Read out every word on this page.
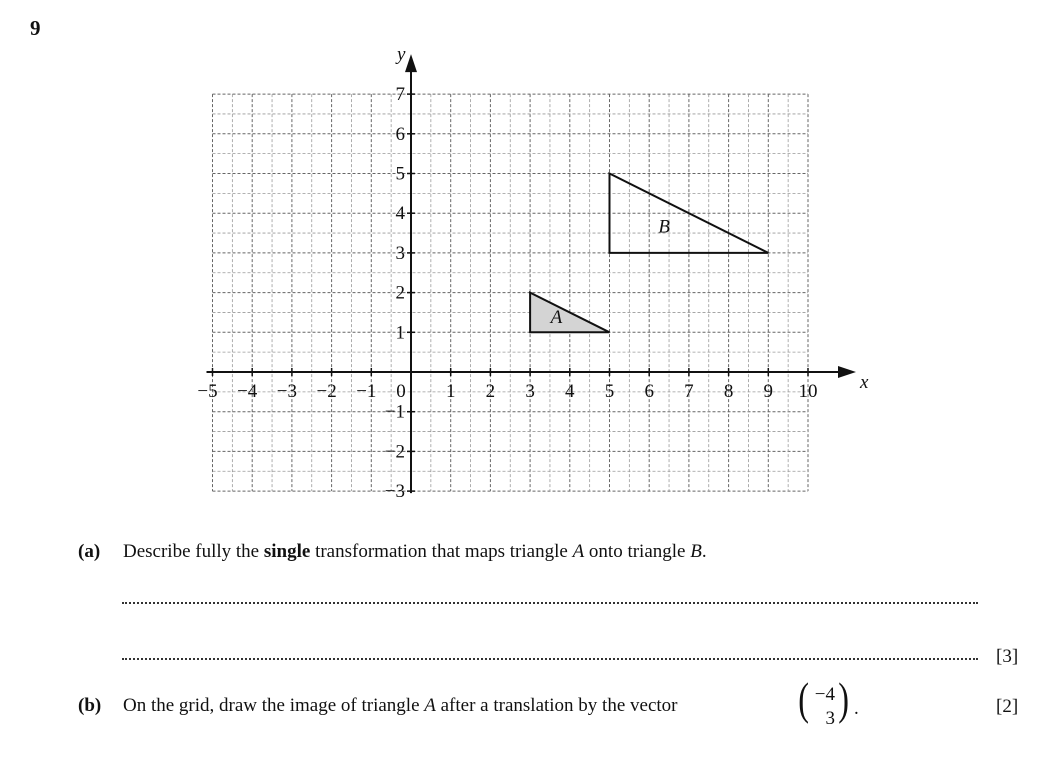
9
A
B
−5 −4 −3 −2 −1 0 1 2 3 4 5 6 7 8 9 10
−3
−2
−1
1
2
3
4
5
6
7
x
y
(a) Describe fully the single transformation that maps triangle A onto triangle B.
[3]
(b) On the grid, draw the image of triangle A after a translation by the vector	( −4
3 ) .	[2]
